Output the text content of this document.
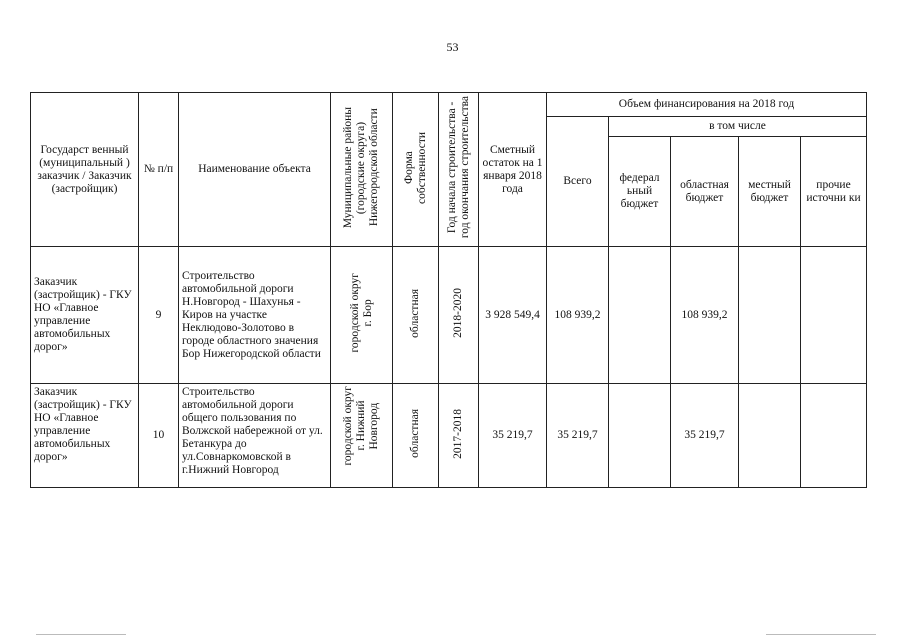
53
Государст венный (муниципальный ) заказчик / Заказчик (застройщик)	№ п/п	Наименование объекта	Муниципальные районы
(городские округа)
Нижегородской области	Форма
собственности	Год начала строительства -
год окончания строительства	Сметный остаток на 1 января 2018 года	Объем финансирования на 2018 год				
							Всего	в том числе			
								федерал ьный бюджет	областная бюджет	местный бюджет	прочие источни ки
Заказчик (застройщик) - ГКУ НО «Главное управление автомобильных дорог»	9	Строительство автомобильной дороги Н.Новгород - Шахунья - Киров на участке Неклюдово-Золотово в городе областного значения Бор Нижегородской области	городской округ
г. Бор	областная	2018-2020	3 928 549,4	108 939,2		108 939,2		
Заказчик (застройщик) - ГКУ НО «Главное управление автомобильных дорог»	10	Строительство автомобильной дороги общего пользования по Волжской набережной от ул. Бетанкура до ул.Совнаркомовской в г.Нижний Новгород	городской округ
г. Нижний
Новгород	областная	2017-2018	35 219,7	35 219,7		35 219,7		
